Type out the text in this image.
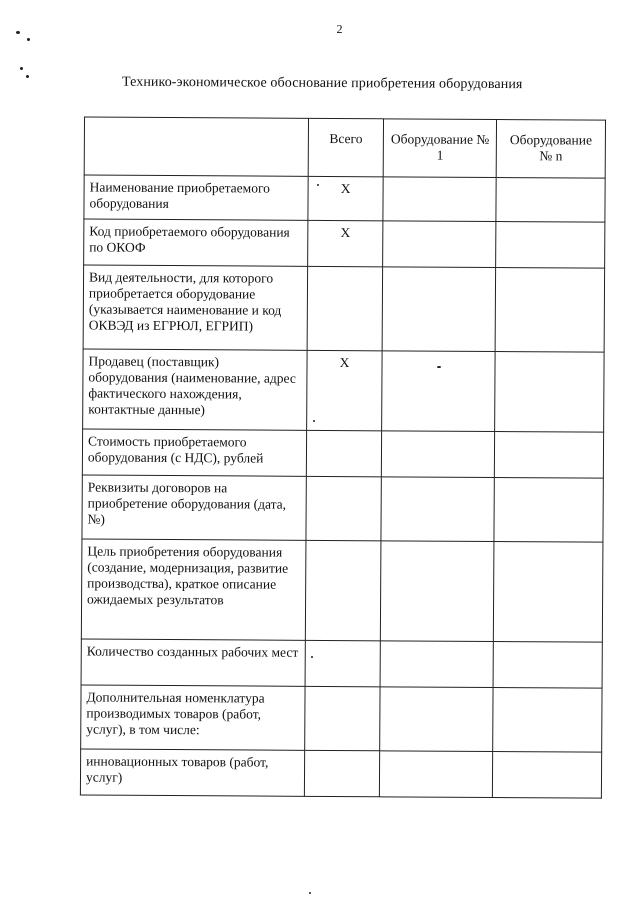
2
Технико-экономическое обоснование приобретения оборудования
	Всего	Оборудование № 1	Оборудование № n
Наименование приобретаемого оборудования	Х		
Код приобретаемого оборудования по ОКОФ	Х		
Вид деятельности, для которого приобретается оборудование (указывается наименование и код ОКВЭД из ЕГРЮЛ, ЕГРИП)			
Продавец (поставщик) оборудования (наименование, адрес фактического нахождения, контактные данные)	Х		
Стоимость приобретаемого оборудования (с НДС), рублей			
Реквизиты договоров на приобретение оборудования (дата, №)			
Цель приобретения оборудования (создание, модернизация, развитие производства), краткое описание ожидаемых результатов			
Количество созданных рабочих мест			
Дополнительная номенклатура производимых товаров (работ, услуг), в том числе:			
инновационных товаров (работ, услуг)			
